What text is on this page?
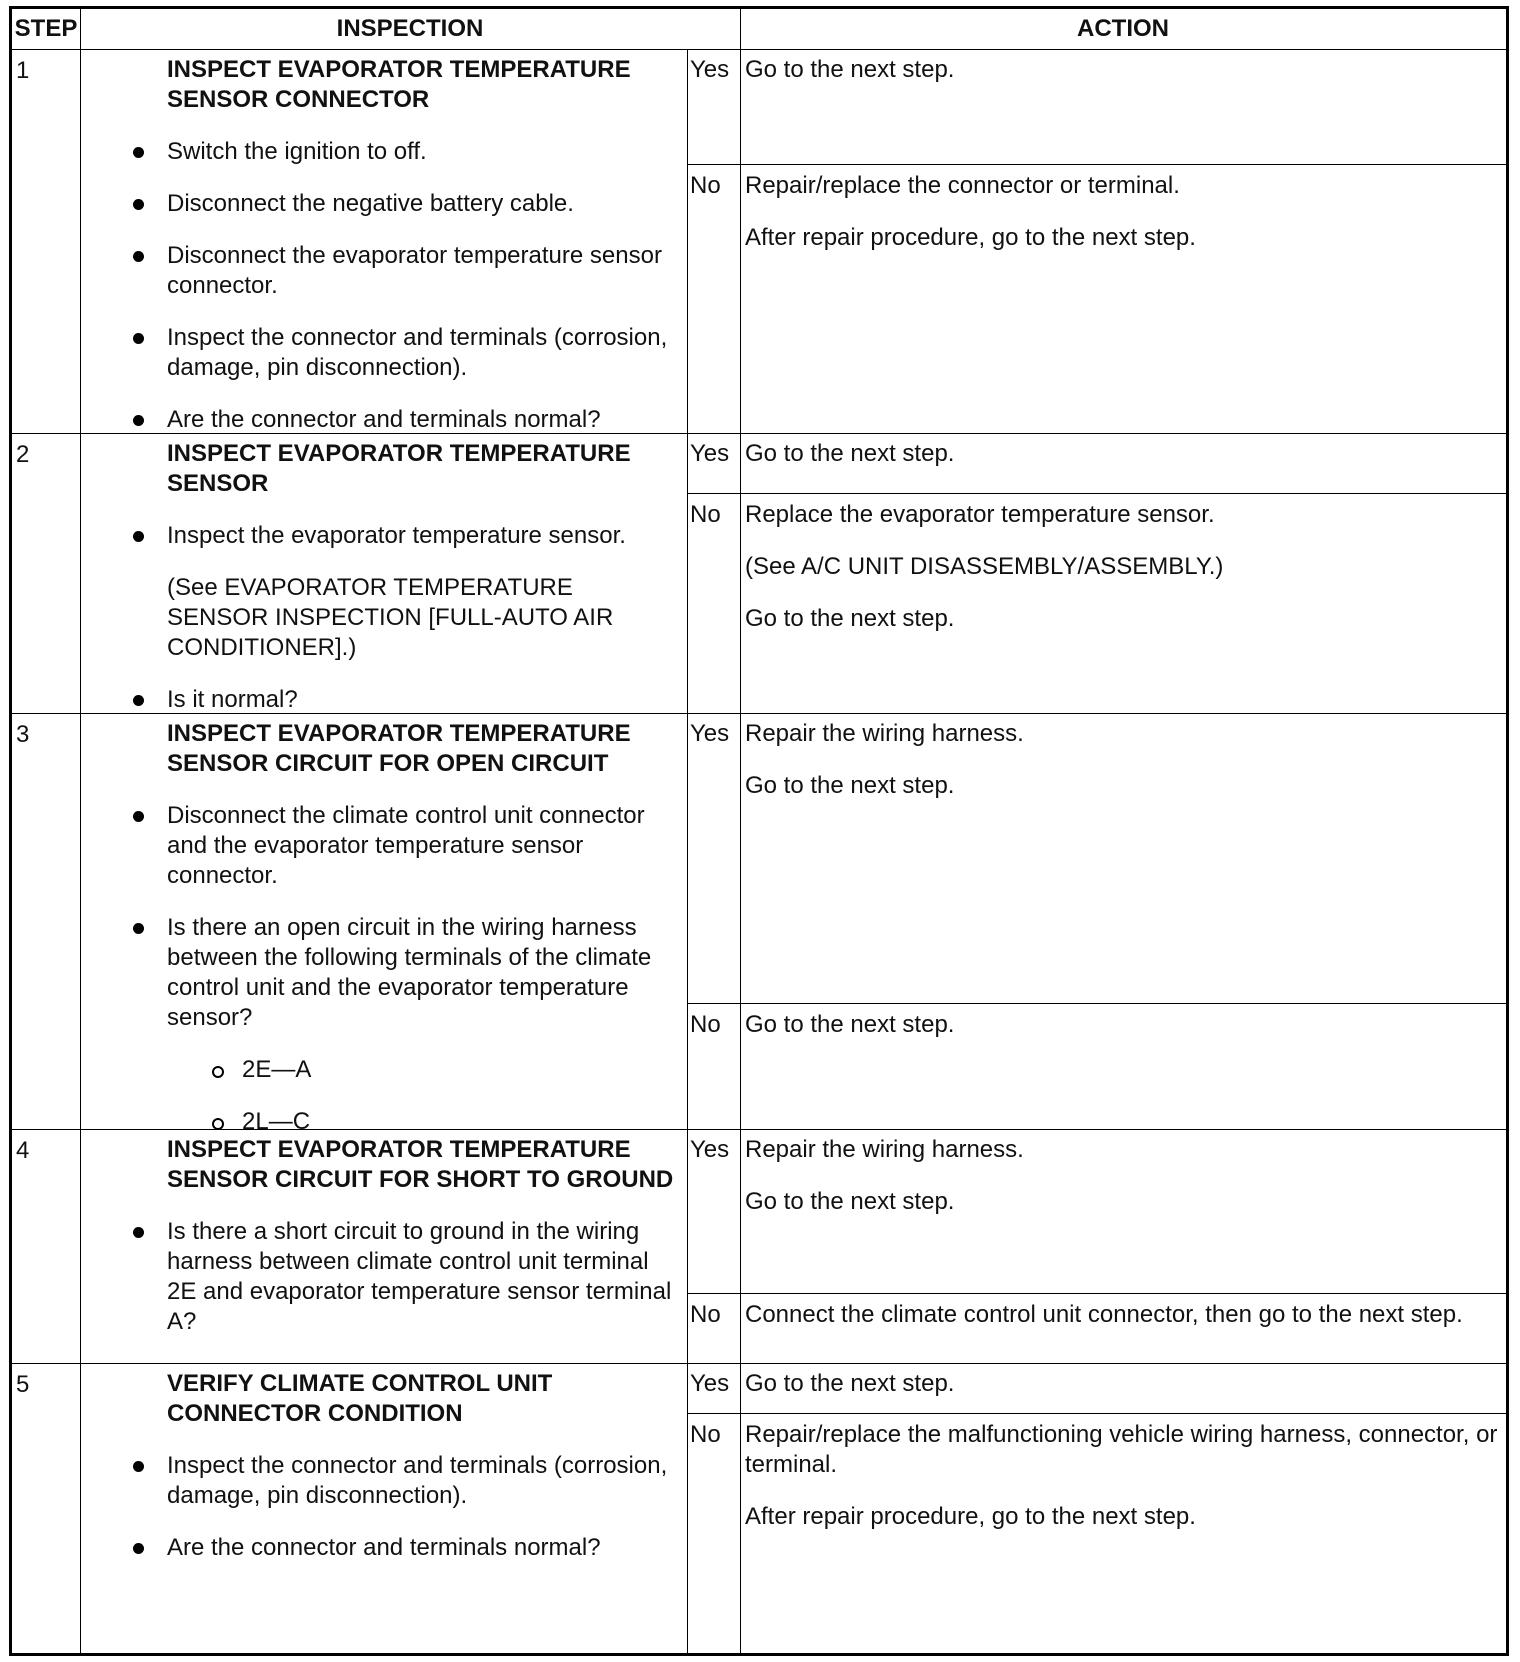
STEP	INSPECTION	ACTION
1	INSPECT EVAPORATOR TEMPERATURE SENSOR CONNECTOR

Switch the ignition to off.
Disconnect the negative battery cable.
Disconnect the evaporator temperature sensor connector.
Inspect the connector and terminals (corrosion, damage, pin disconnection).
Are the connector and terminals normal?
Yes Go to the next step.

No	Repair/replace the connector or terminal.

After repair procedure, go to the next step.

2	INSPECT EVAPORATOR TEMPERATURE SENSOR

Inspect the evaporator temperature sensor.
(See EVAPORATOR TEMPERATURE SENSOR INSPECTION [FULL-AUTO AIR CONDITIONER].)
Is it normal?
Yes Go to the next step.

No	Replace the evaporator temperature sensor.

(See A/C UNIT DISASSEMBLY/ASSEMBLY.)

Go to the next step.

3	INSPECT EVAPORATOR TEMPERATURE SENSOR CIRCUIT FOR OPEN CIRCUIT

Disconnect the climate control unit connector and the evaporator temperature sensor connector.
Is there an open circuit in the wiring harness between the following terminals of the climate control unit and the evaporator temperature sensor?
2E—A
2L—C
Yes Repair the wiring harness.

Go to the next step.

No	Go to the next step.

4	INSPECT EVAPORATOR TEMPERATURE SENSOR CIRCUIT FOR SHORT TO GROUND

Is there a short circuit to ground in the wiring harness between climate control unit terminal 2E and evaporator temperature sensor terminal A?
Yes Repair the wiring harness.

Go to the next step.

No	Connect the climate control unit connector, then go to the next step.

5	VERIFY CLIMATE CONTROL UNIT CONNECTOR CONDITION

Inspect the connector and terminals (corrosion, damage, pin disconnection).
Are the connector and terminals normal?
Yes Go to the next step.

No	Repair/replace the malfunctioning vehicle wiring harness, connector, or terminal.

After repair procedure, go to the next step.
